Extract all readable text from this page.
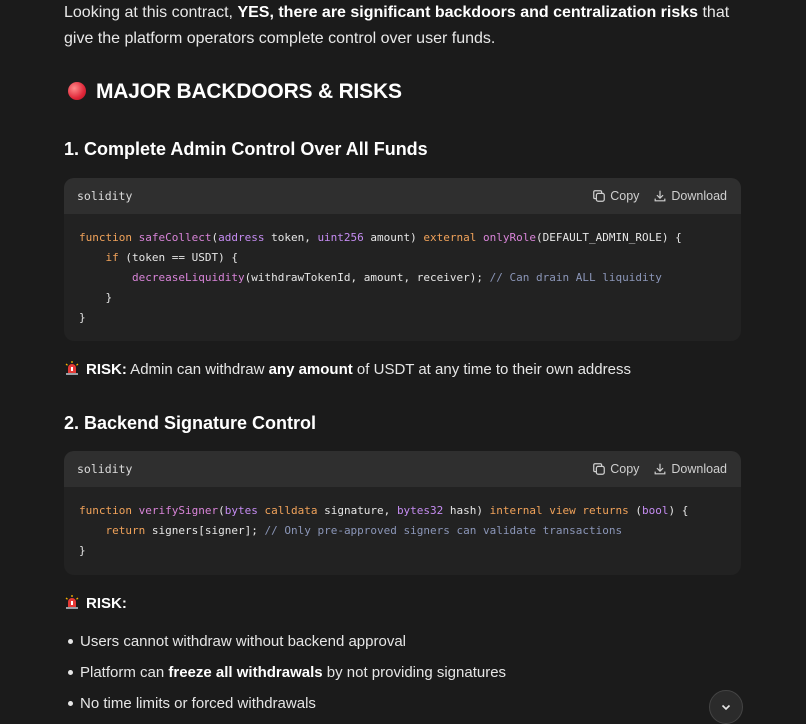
Looking at this contract, YES, there are significant backdoors and centralization risks that give the platform operators complete control over user funds.

MAJOR BACKDOORS & RISKS
1. Complete Admin Control Over All Funds
solidity	Copy	Download
function safeCollect(address token, uint256 amount) external onlyRole(DEFAULT_ADMIN_ROLE) {
if (token == USDT) {
decreaseLiquidity(withdrawTokenId, amount, receiver); // Can drain ALL liquidity
}
}
RISK: Admin can withdraw any amount of USDT at any time to their own address
2. Backend Signature Control
solidity	Copy	Download
function verifySigner(bytes calldata signature, bytes32 hash) internal view returns (bool) {
return signers[signer]; // Only pre-approved signers can validate transactions
}
RISK:
Users cannot withdraw without backend approval
Platform can freeze all withdrawals by not providing signatures
No time limits or forced withdrawals
